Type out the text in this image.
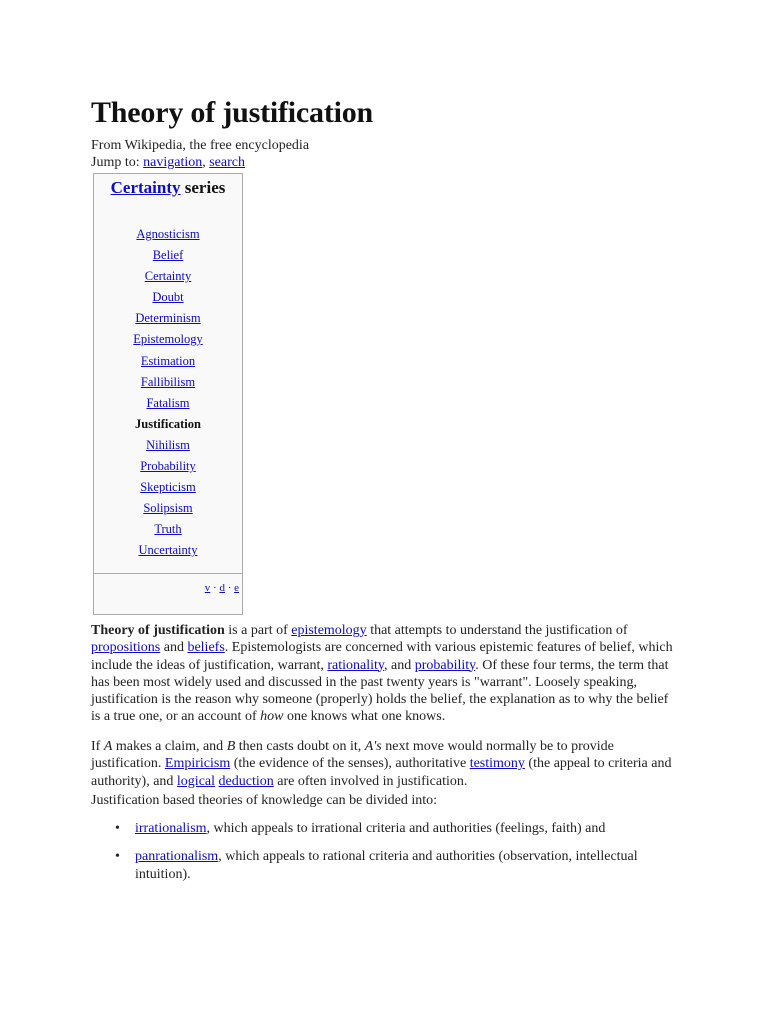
Theory of justification
From Wikipedia, the free encyclopedia
Jump to: navigation, search
Certainty series
Agnosticism
Belief
Certainty
Doubt
Determinism
Epistemology
Estimation
Fallibilism
Fatalism
Justification
Nihilism
Probability
Skepticism
Solipsism
Truth
Uncertainty
v · d · e

Theory of justification is a part of epistemology that attempts to understand the justification of propositions and beliefs. Epistemologists are concerned with various epistemic features of belief, which include the ideas of justification, warrant, rationality, and probability. Of these four terms, the term that has been most widely used and discussed in the past twenty years is "warrant". Loosely speaking, justification is the reason why someone (properly) holds the belief, the explanation as to why the belief is a true one, or an account of how one knows what one knows.

If A makes a claim, and B then casts doubt on it, A's next move would normally be to provide justification. Empiricism (the evidence of the senses), authoritative testimony (the appeal to criteria and authority), and logical deduction are often involved in justification.

Justification based theories of knowledge can be divided into:

• irrationalism, which appeals to irrational criteria and authorities (feelings, faith) and
• panrationalism, which appeals to rational criteria and authorities (observation, intellectual intuition).
